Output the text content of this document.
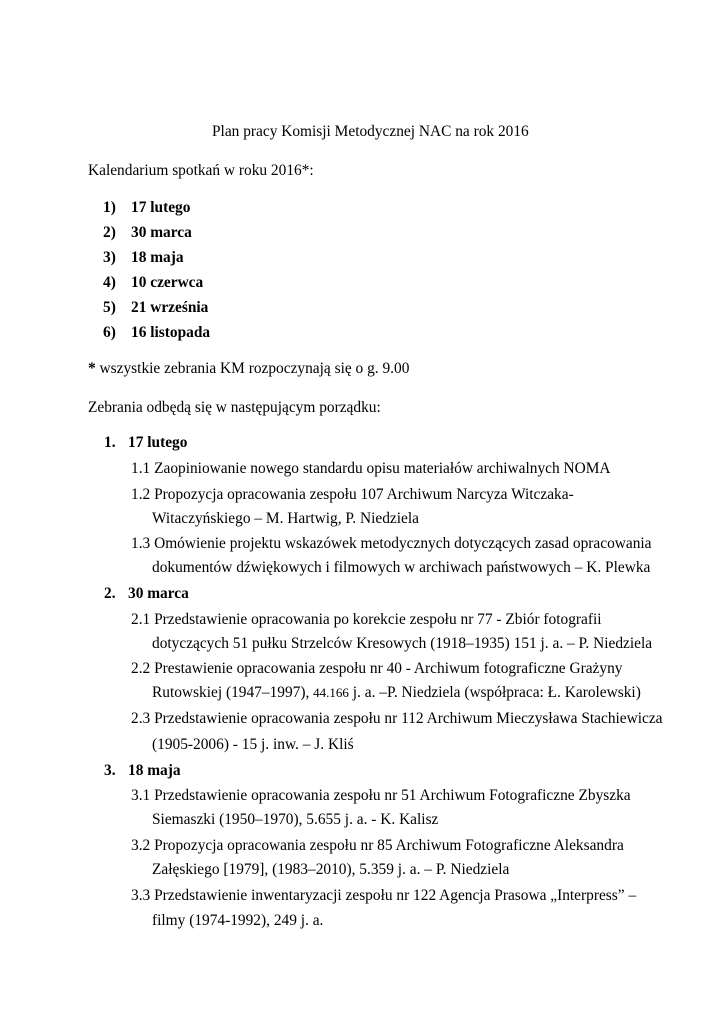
Plan pracy Komisji Metodycznej NAC na rok 2016
Kalendarium spotkań w roku 2016*:
1) 17 lutego
2) 30 marca
3) 18 maja
4) 10 czerwca
5) 21 września
6) 16 listopada
* wszystkie zebrania KM rozpoczynają się o g. 9.00
Zebrania odbędą się w następującym porządku:
1. 17 lutego
1.1 Zaopiniowanie nowego standardu opisu materiałów archiwalnych NOMA
1.2 Propozycja opracowania zespołu 107 Archiwum Narcyza Witczaka-
Witaczyńskiego – M. Hartwig, P. Niedziela
1.3 Omówienie projektu wskazówek metodycznych dotyczących zasad opracowania
dokumentów dźwiękowych i filmowych w archiwach państwowych – K. Plewka
2. 30 marca
2.1 Przedstawienie opracowania po korekcie zespołu nr 77 - Zbiór fotografii
dotyczących 51 pułku Strzelców Kresowych (1918–1935) 151 j. a. – P. Niedziela
2.2 Prestawienie opracowania zespołu nr 40 - Archiwum fotograficzne Grażyny
Rutowskiej (1947–1997), 44.166 j. a. –P. Niedziela (współpraca: Ł. Karolewski)
2.3 Przedstawienie opracowania zespołu nr 112 Archiwum Mieczysława Stachiewicza
(1905-2006) - 15 j. inw. – J. Kliś
3. 18 maja
3.1 Przedstawienie opracowania zespołu nr 51 Archiwum Fotograficzne Zbyszka
Siemaszki (1950–1970), 5.655 j. a. - K. Kalisz
3.2 Propozycja opracowania zespołu nr 85 Archiwum Fotograficzne Aleksandra
Załęskiego [1979], (1983–2010), 5.359 j. a. – P. Niedziela
3.3 Przedstawienie inwentaryzacji zespołu nr 122 Agencja Prasowa „Interpress” –
filmy (1974-1992), 249 j. a.
